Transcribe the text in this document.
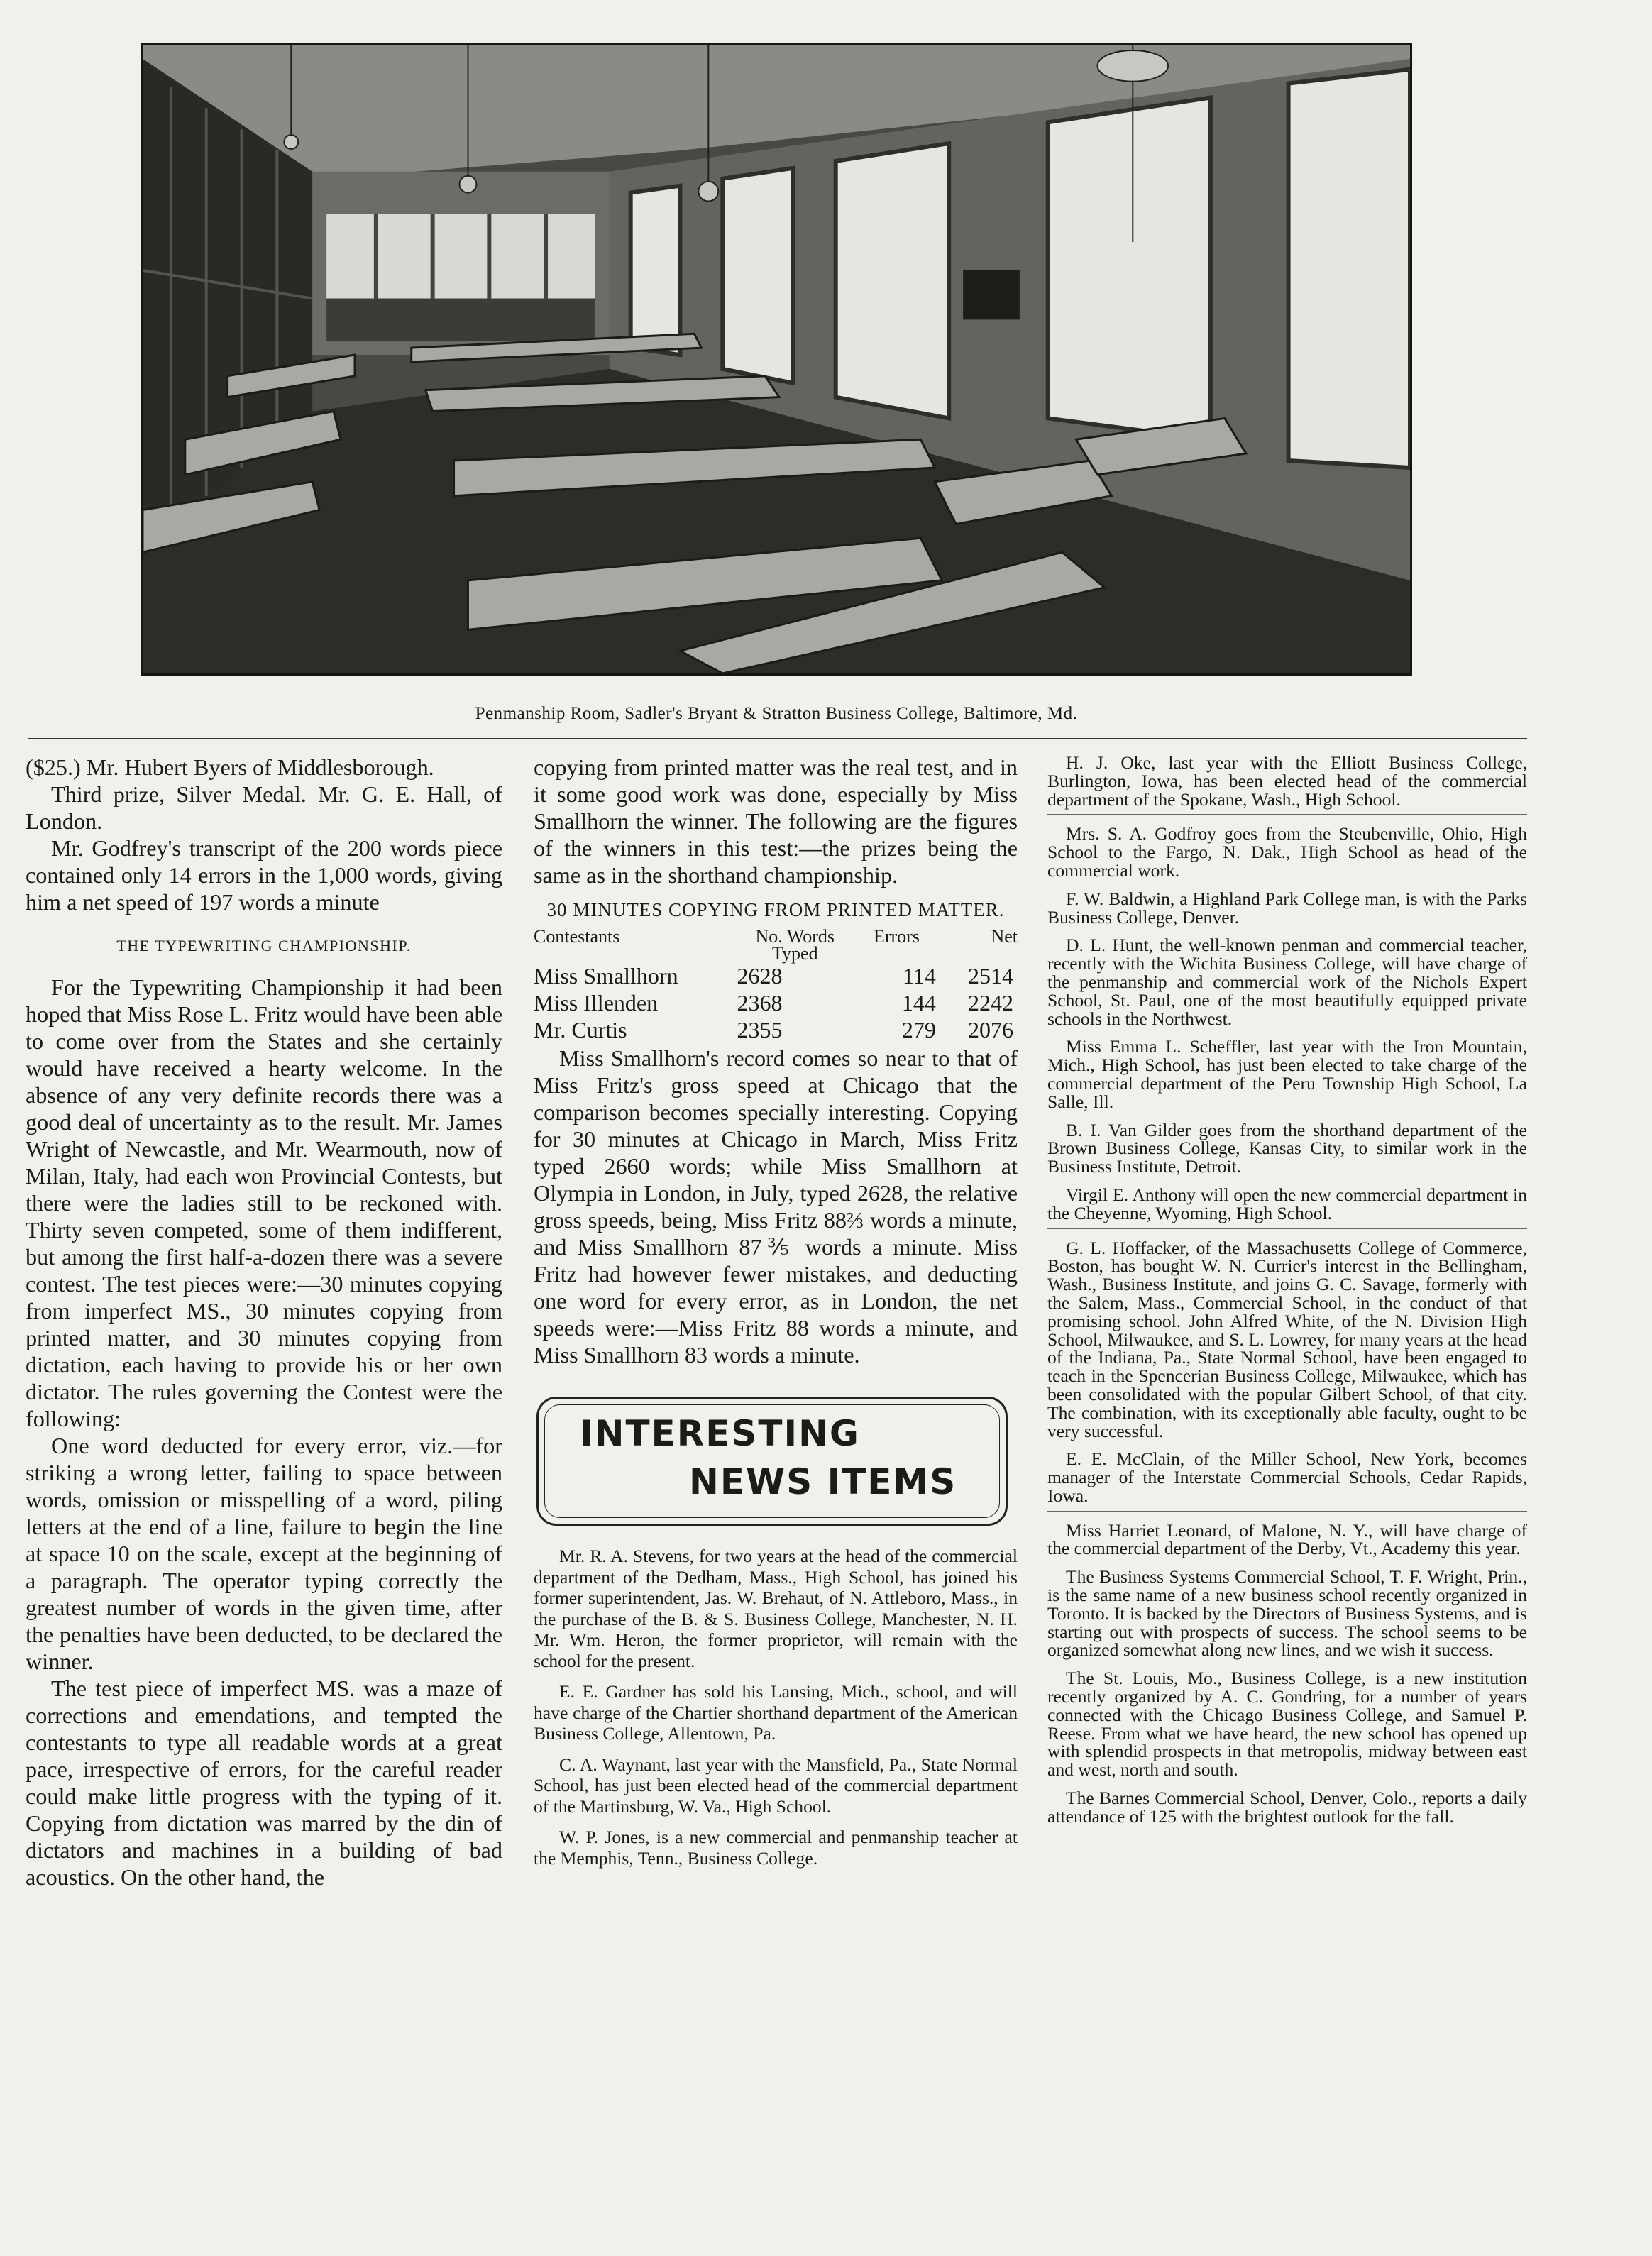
Penmanship Room, Sadler's Bryant & Stratton Business College, Baltimore, Md.

($25.) Mr. Hubert Byers of Middlesborough.

Third prize, Silver Medal. Mr. G. E. Hall, of London.

Mr. Godfrey's transcript of the 200 words piece contained only 14 errors in the 1,000 words, giving him a net speed of 197 words a minute

THE TYPEWRITING CHAMPIONSHIP.

For the Typewriting Championship it had been hoped that Miss Rose L. Fritz would have been able to come over from the States and she certainly would have received a hearty welcome. In the absence of any very definite records there was a good deal of uncertainty as to the result. Mr. James Wright of Newcastle, and Mr. Wearmouth, now of Milan, Italy, had each won Provincial Contests, but there were the ladies still to be reckoned with. Thirty seven competed, some of them indifferent, but among the first half-a-dozen there was a severe contest. The test pieces were:—30 minutes copying from imperfect MS., 30 minutes copying from printed matter, and 30 minutes copying from dictation, each having to provide his or her own dictator. The rules governing the Contest were the following:

One word deducted for every error, viz.—for striking a wrong letter, failing to space between words, omission or misspelling of a word, piling letters at the end of a line, failure to begin the line at space 10 on the scale, except at the beginning of a paragraph. The operator typing correctly the greatest number of words in the given time, after the penalties have been deducted, to be declared the winner.

The test piece of imperfect MS. was a maze of corrections and emendations, and tempted the contestants to type all readable words at a great pace, irrespective of errors, for the careful reader could make little progress with the typing of it. Copying from dictation was marred by the din of dictators and machines in a building of bad acoustics. On the other hand, the

copying from printed matter was the real test, and in it some good work was done, especially by Miss Smallhorn the winner. The following are the figures of the winners in this test:—the prizes being the same as in the shorthand championship.

30 MINUTES COPYING FROM PRINTED MATTER.
Contestants	No. Words Typed	Errors	Net
Miss Smallhorn	2628	114	2514
Miss Illenden	2368	144	2242
Mr. Curtis	2355	279	2076

Miss Smallhorn's record comes so near to that of Miss Fritz's gross speed at Chicago that the comparison becomes specially interesting. Copying for 30 minutes at Chicago in March, Miss Fritz typed 2660 words; while Miss Smallhorn at Olympia in London, in July, typed 2628, the relative gross speeds, being, Miss Fritz 88⅔ words a minute, and Miss Smallhorn 87⅗ words a minute. Miss Fritz had however fewer mistakes, and deducting one word for every error, as in London, the net speeds were:—Miss Fritz 88 words a minute, and Miss Smallhorn 83 words a minute.

INTERESTING
NEWS ITEMS

Mr. R. A. Stevens, for two years at the head of the commercial department of the Dedham, Mass., High School, has joined his former superintendent, Jas. W. Brehaut, of N. Attleboro, Mass., in the purchase of the B. & S. Business College, Manchester, N. H. Mr. Wm. Heron, the former proprietor, will remain with the school for the present.

E. E. Gardner has sold his Lansing, Mich., school, and will have charge of the Chartier shorthand department of the American Business College, Allentown, Pa.

C. A. Waynant, last year with the Mansfield, Pa., State Normal School, has just been elected head of the commercial department of the Martinsburg, W. Va., High School.

W. P. Jones, is a new commercial and penmanship teacher at the Memphis, Tenn., Business College.

H. J. Oke, last year with the Elliott Business College, Burlington, Iowa, has been elected head of the commercial department of the Spokane, Wash., High School.

Mrs. S. A. Godfroy goes from the Steubenville, Ohio, High School to the Fargo, N. Dak., High School as head of the commercial work.

F. W. Baldwin, a Highland Park College man, is with the Parks Business College, Denver.

D. L. Hunt, the well-known penman and commercial teacher, recently with the Wichita Business College, will have charge of the penmanship and commercial work of the Nichols Expert School, St. Paul, one of the most beautifully equipped private schools in the Northwest.

Miss Emma L. Scheffler, last year with the Iron Mountain, Mich., High School, has just been elected to take charge of the commercial department of the Peru Township High School, La Salle, Ill.

B. I. Van Gilder goes from the shorthand department of the Brown Business College, Kansas City, to similar work in the Business Institute, Detroit.

Virgil E. Anthony will open the new commercial department in the Cheyenne, Wyoming, High School.

G. L. Hoffacker, of the Massachusetts College of Commerce, Boston, has bought W. N. Currier's interest in the Bellingham, Wash., Business Institute, and joins G. C. Savage, formerly with the Salem, Mass., Commercial School, in the conduct of that promising school. John Alfred White, of the N. Division High School, Milwaukee, and S. L. Lowrey, for many years at the head of the Indiana, Pa., State Normal School, have been engaged to teach in the Spencerian Business College, Milwaukee, which has been consolidated with the popular Gilbert School, of that city. The combination, with its exceptionally able faculty, ought to be very successful.

E. E. McClain, of the Miller School, New York, becomes manager of the Interstate Commercial Schools, Cedar Rapids, Iowa.

Miss Harriet Leonard, of Malone, N. Y., will have charge of the commercial department of the Derby, Vt., Academy this year.

The Business Systems Commercial School, T. F. Wright, Prin., is the same name of a new business school recently organized in Toronto. It is backed by the Directors of Business Systems, and is starting out with prospects of success. The school seems to be organized somewhat along new lines, and we wish it success.

The St. Louis, Mo., Business College, is a new institution recently organized by A. C. Gondring, for a number of years connected with the Chicago Business College, and Samuel P. Reese. From what we have heard, the new school has opened up with splendid prospects in that metropolis, midway between east and west, north and south.

The Barnes Commercial School, Denver, Colo., reports a daily attendance of 125 with the brightest outlook for the fall.
